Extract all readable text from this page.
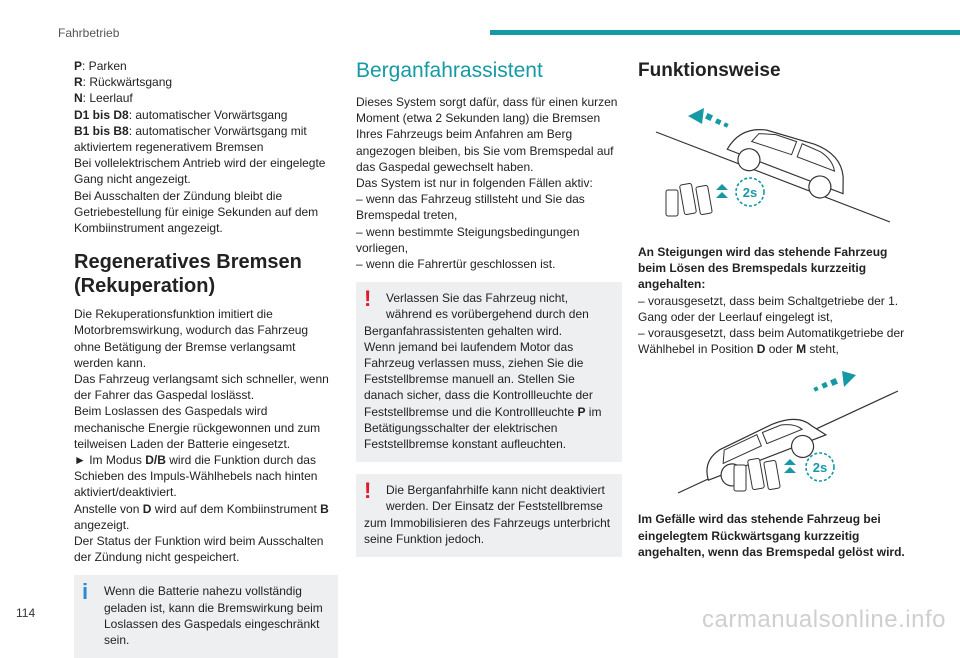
Fahrbetrieb

P: Parken

R: Rückwärtsgang

N: Leerlauf

D1 bis D8: automatischer Vorwärtsgang

B1 bis B8: automatischer Vorwärtsgang mit aktiviertem regenerativem Bremsen

Bei vollelektrischem Antrieb wird der eingelegte Gang nicht angezeigt.

Bei Ausschalten der Zündung bleibt die Getriebestellung für einige Sekunden auf dem Kombiinstrument angezeigt.

Regeneratives Bremsen (Rekuperation)

Die Rekuperationsfunktion imitiert die Motorbremswirkung, wodurch das Fahrzeug ohne Betätigung der Bremse verlangsamt werden kann.

Das Fahrzeug verlangsamt sich schneller, wenn der Fahrer das Gaspedal loslässt.

Beim Loslassen des Gaspedals wird mechanische Energie rückgewonnen und zum teilweisen Laden der Batterie eingesetzt.

► Im Modus D/B wird die Funktion durch das Schieben des Impuls-Wählhebels nach hinten aktiviert/deaktiviert.

Anstelle von D wird auf dem Kombiinstrument B angezeigt.

Der Status der Funktion wird beim Ausschalten der Zündung nicht gespeichert.

i	Wenn die Batterie nahezu vollständig geladen ist, kann die Bremswirkung beim Loslassen des Gaspedals eingeschränkt sein.
Berganfahrassistent

Dieses System sorgt dafür, dass für einen kurzen Moment (etwa 2 Sekunden lang) die Bremsen Ihres Fahrzeugs beim Anfahren am Berg angezogen bleiben, bis Sie vom Bremspedal auf das Gaspedal gewechselt haben.

Das System ist nur in folgenden Fällen aktiv:

– wenn das Fahrzeug stillsteht und Sie das Bremspedal treten,

– wenn bestimmte Steigungsbedingungen vorliegen,

– wenn die Fahrertür geschlossen ist.

!	Verlassen Sie das Fahrzeug nicht, während es vorübergehend durch den

Berganfahrassistenten gehalten wird.

Wenn jemand bei laufendem Motor das Fahrzeug verlassen muss, ziehen Sie die Feststellbremse manuell an. Stellen Sie danach sicher, dass die Kontrollleuchte der Feststellbremse und die Kontrollleuchte P im Betätigungsschalter der elektrischen Feststellbremse konstant aufleuchten.

!	Die Berganfahrhilfe kann nicht deaktiviert werden. Der Einsatz der Feststellbremse

zum Immobilisieren des Fahrzeugs unterbricht seine Funktion jedoch.

Funktionsweise
2s

An Steigungen wird das stehende Fahrzeug beim Lösen des Bremspedals kurzzeitig angehalten:

– vorausgesetzt, dass beim Schaltgetriebe der 1. Gang oder der Leerlauf eingelegt ist,

– vorausgesetzt, dass beim Automatikgetriebe der Wählhebel in Position D oder M steht,

2s

Im Gefälle wird das stehende Fahrzeug bei eingelegtem Rückwärtsgang kurzzeitig angehalten, wenn das Bremspedal gelöst wird.

114	carmanualsonline.info
